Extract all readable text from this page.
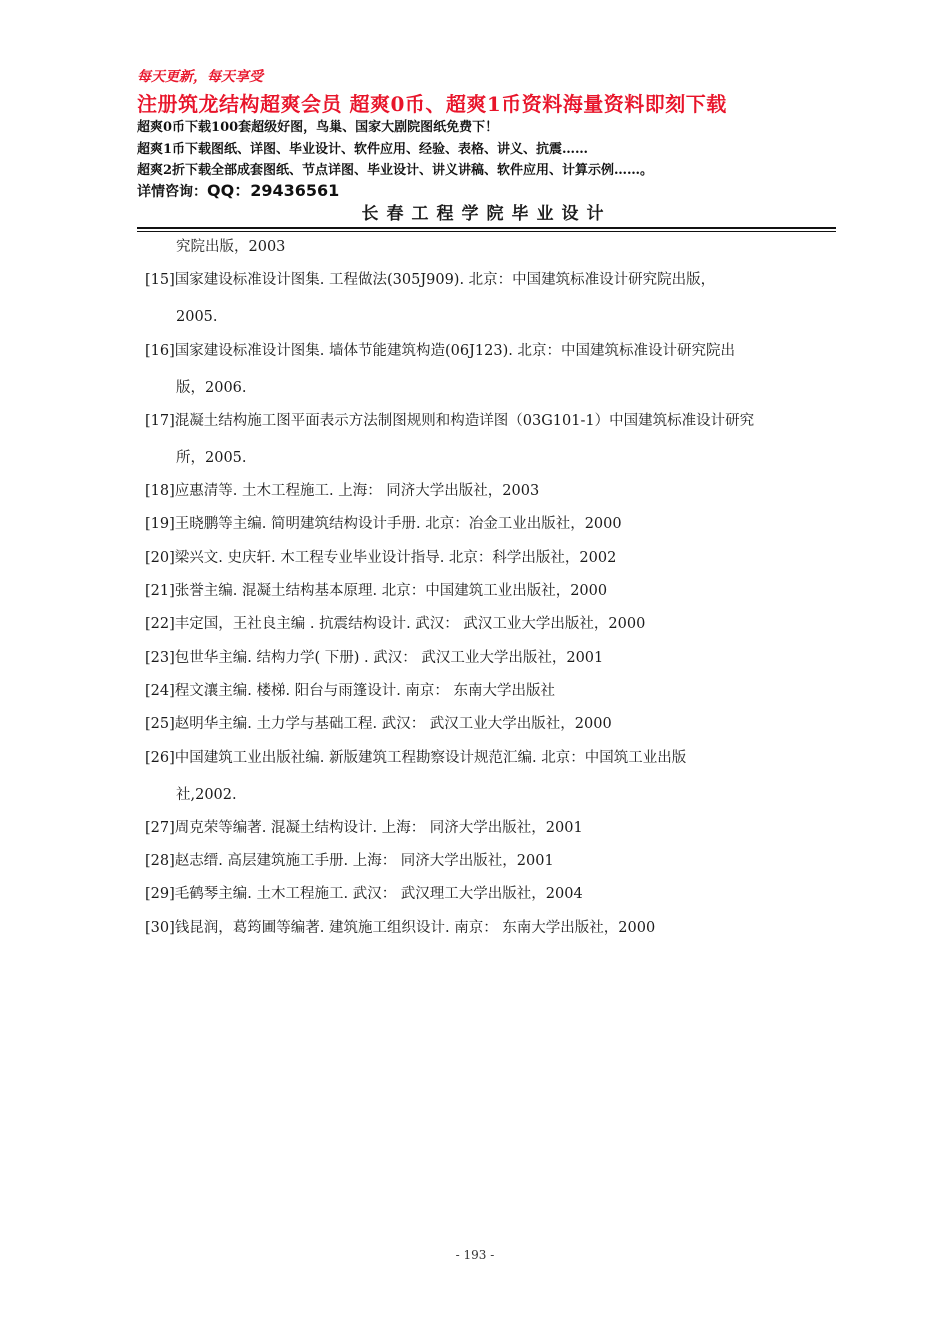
每天更新，每天享受
注册筑龙结构超爽会员 超爽0币、超爽1币资料海量资料即刻下载
超爽0币下载100套超级好图，鸟巢、国家大剧院图纸免费下！
超爽1币下载图纸、详图、毕业设计、软件应用、经验、表格、讲义、抗震……
超爽2折下载全部成套图纸、节点详图、毕业设计、讲义讲稿、软件应用、计算示例……。
详情咨询：QQ：29436561
长春工程学院毕业设计
究院出版，2003
[15]国家建设标准设计图集. 工程做法(305J909). 北京：中国建筑标准设计研究院出版，
2005.
[16]国家建设标准设计图集. 墙体节能建筑构造(06J123). 北京：中国建筑标准设计研究院出
版，2006.
[17]混凝土结构施工图平面表示方法制图规则和构造详图（03G101-1）中国建筑标准设计研究
所，2005.
[18]应惠清等. 土木工程施工. 上海： 同济大学出版社，2003
[19]王晓鹏等主编. 简明建筑结构设计手册. 北京：冶金工业出版社，2000
[20]梁兴文. 史庆轩. 木工程专业毕业设计指导. 北京：科学出版社，2002
[21]张誉主编. 混凝土结构基本原理. 北京：中国建筑工业出版社，2000
[22]丰定国，王社良主编 . 抗震结构设计. 武汉： 武汉工业大学出版社，2000
[23]包世华主编. 结构力学( 下册) . 武汉： 武汉工业大学出版社，2001
[24]程文瀼主编. 楼梯. 阳台与雨篷设计. 南京： 东南大学出版社
[25]赵明华主编. 土力学与基础工程. 武汉： 武汉工业大学出版社，2000
[26]中国建筑工业出版社编. 新版建筑工程勘察设计规范汇编. 北京：中国筑工业出版
社,2002.
[27]周克荣等编著. 混凝土结构设计. 上海： 同济大学出版社，2001
[28]赵志缙. 高层建筑施工手册. 上海： 同济大学出版社，2001
[29]毛鹤琴主编. 土木工程施工. 武汉： 武汉理工大学出版社，2004
[30]钱昆润，葛筠圃等编著. 建筑施工组织设计. 南京： 东南大学出版社，2000
- 193 -
